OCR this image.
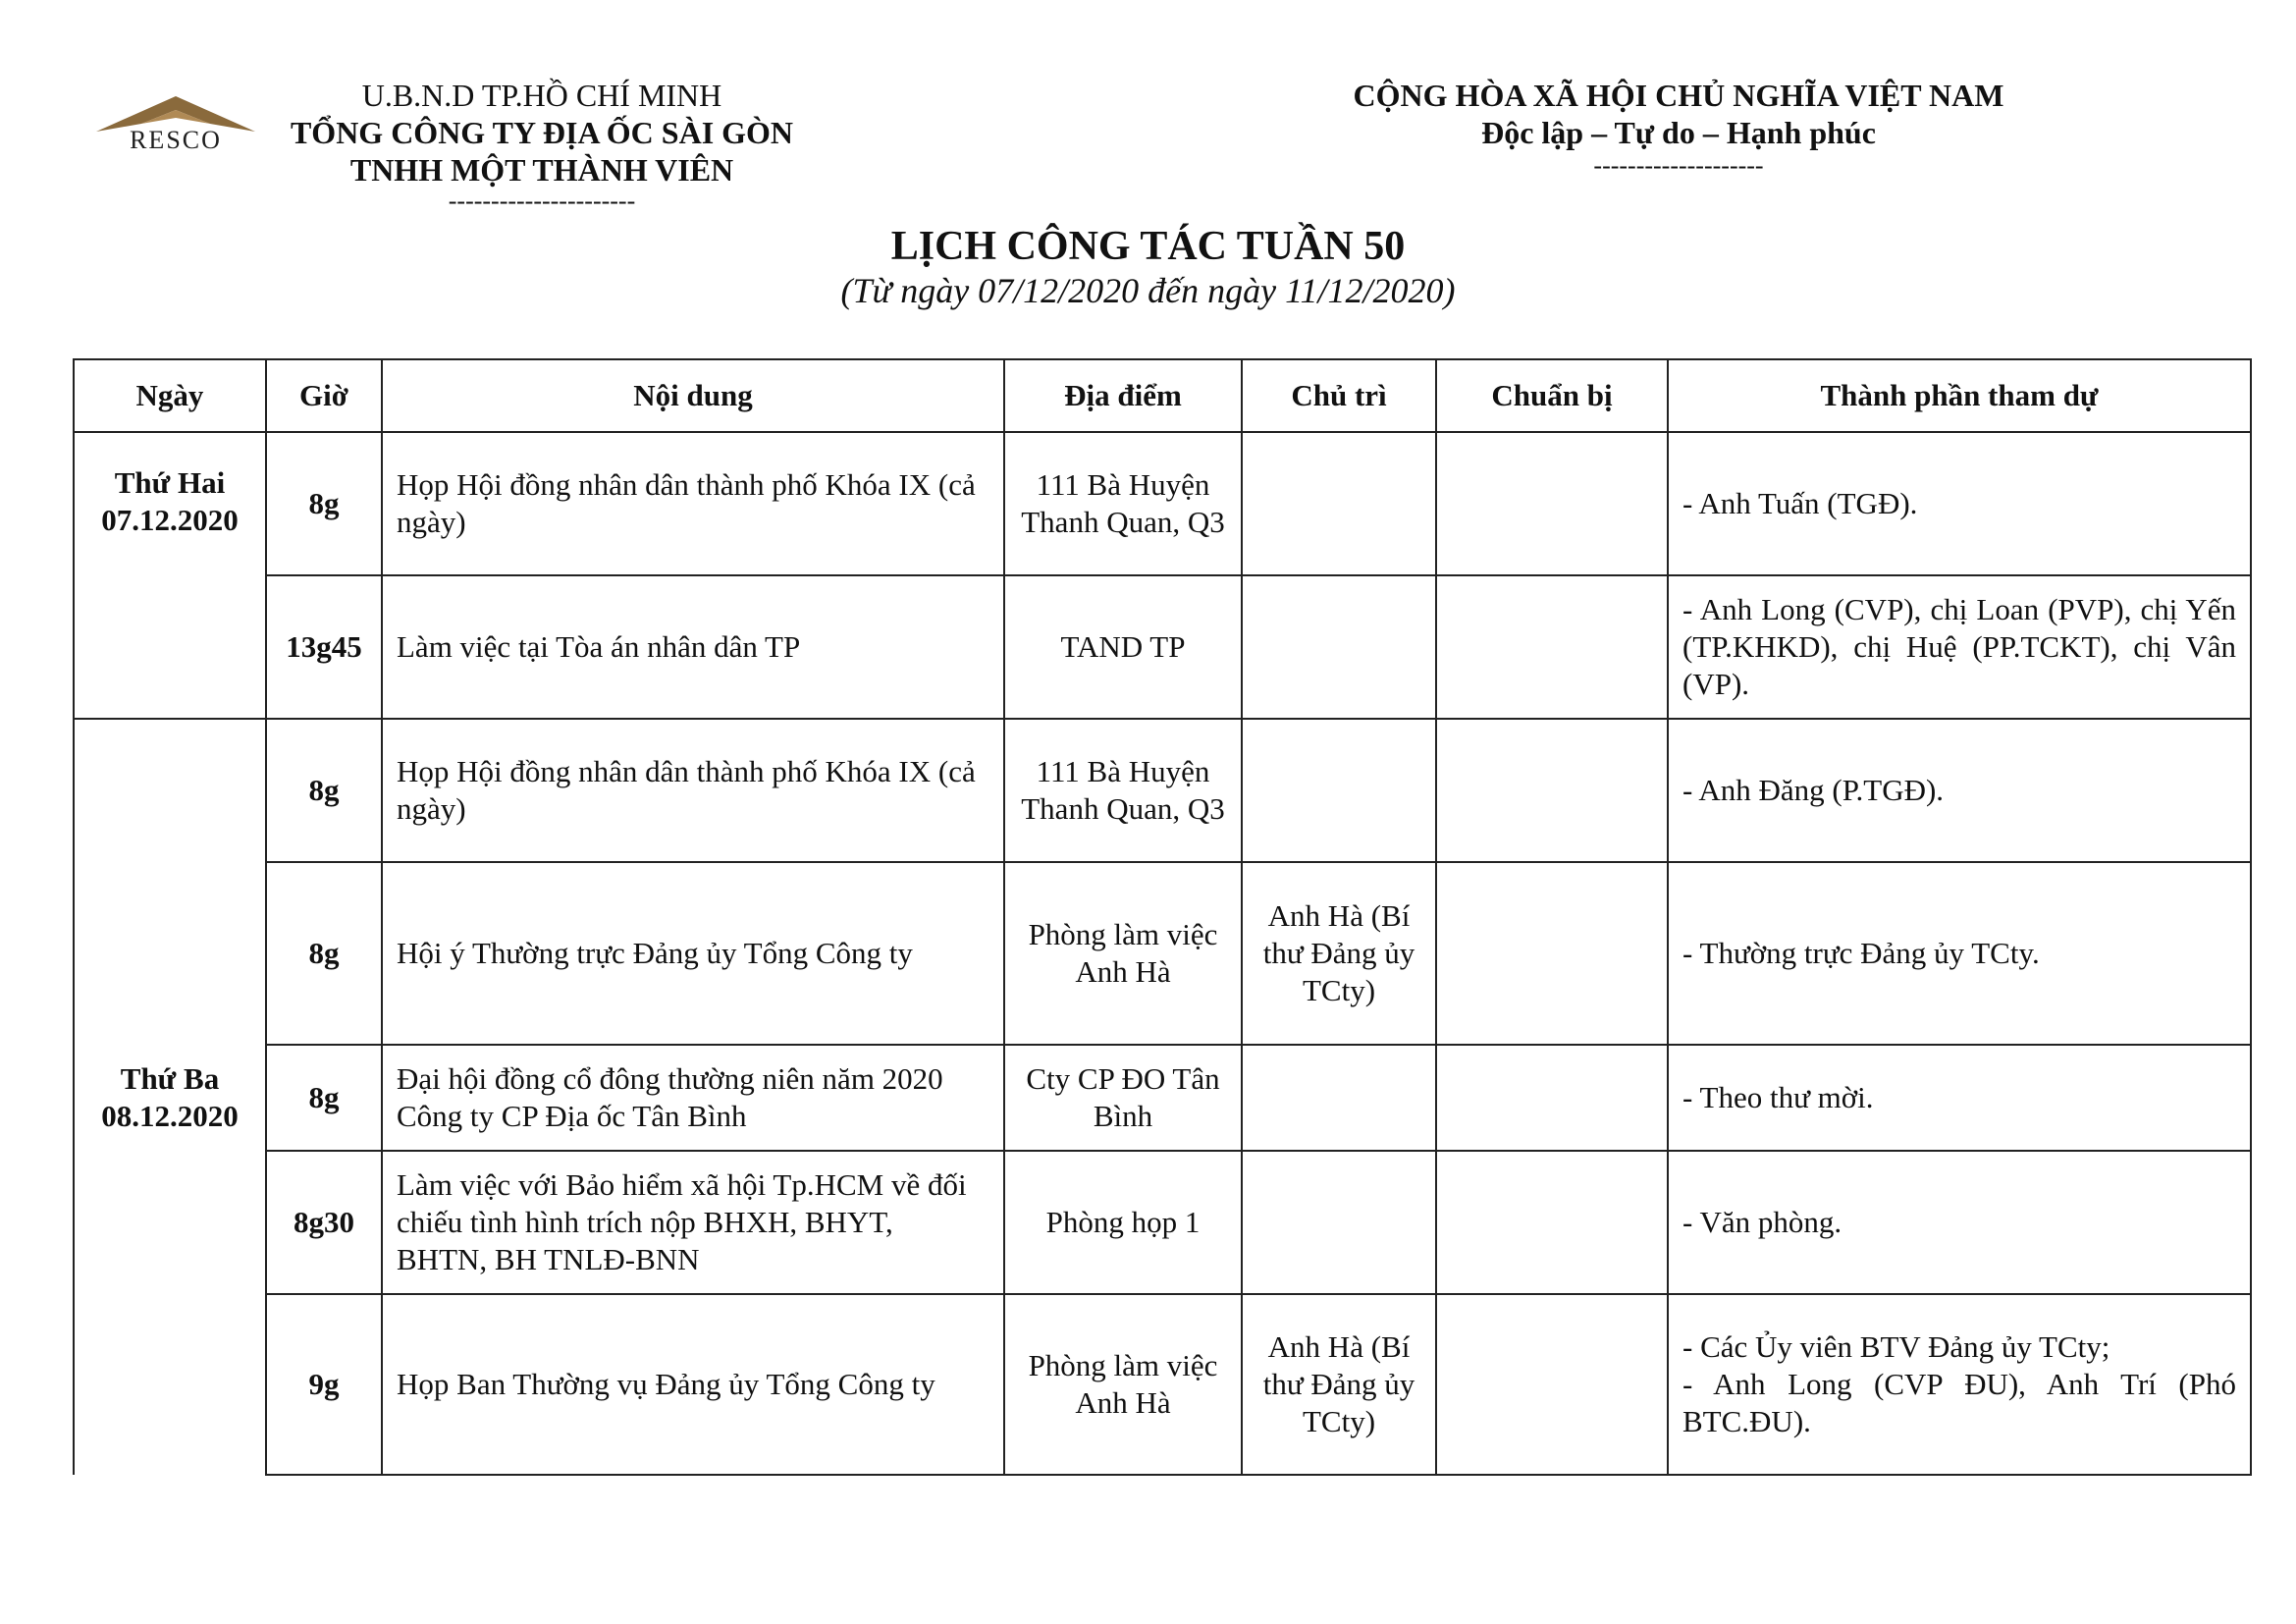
RESCO
U.B.N.D TP.HỒ CHÍ MINH
TỔNG CÔNG TY ĐỊA ỐC SÀI GÒN
TNHH MỘT THÀNH VIÊN
----------------------
CỘNG HÒA XÃ HỘI CHỦ NGHĨA VIỆT NAM
Độc lập – Tự do – Hạnh phúc
--------------------
LỊCH CÔNG TÁC TUẦN 50
(Từ ngày 07/12/2020 đến ngày 11/12/2020)
Ngày	Giờ	Nội dung	Địa điểm	Chủ trì	Chuẩn bị	Thành phần tham dự

Thứ Hai
07.12.2020	8g	Họp Hội đồng nhân dân thành phố Khóa IX (cả ngày)	111 Bà Huyện Thanh Quan, Q3			- Anh Tuấn (TGĐ).

	13g45	Làm việc tại Tòa án nhân dân TP	TAND TP			- Anh Long (CVP), chị Loan (PVP), chị Yến (TP.KHKD), chị Huệ (PP.TCKT), chị Vân (VP).

Thứ Ba
08.12.2020	8g	Họp Hội đồng nhân dân thành phố Khóa IX (cả ngày)	111 Bà Huyện Thanh Quan, Q3			- Anh Đăng (P.TGĐ).

	8g	Hội ý Thường trực Đảng ủy Tổng Công ty	Phòng làm việc Anh Hà	Anh Hà (Bí thư Đảng ủy TCty)		- Thường trực Đảng ủy TCty.

	8g	Đại hội đồng cổ đông thường niên năm 2020 Công ty CP Địa ốc Tân Bình	Cty CP ĐO Tân Bình			- Theo thư mời.

	8g30	Làm việc với Bảo hiểm xã hội Tp.HCM về đối chiếu tình hình trích nộp BHXH, BHYT, BHTN, BH TNLĐ-BNN	Phòng họp 1			- Văn phòng.

	9g	Họp Ban Thường vụ Đảng ủy Tổng Công ty	Phòng làm việc Anh Hà	Anh Hà (Bí thư Đảng ủy TCty)		- Các Ủy viên BTV Đảng ủy TCty;
- Anh Long (CVP ĐU), Anh Trí (Phó BTC.ĐU).
